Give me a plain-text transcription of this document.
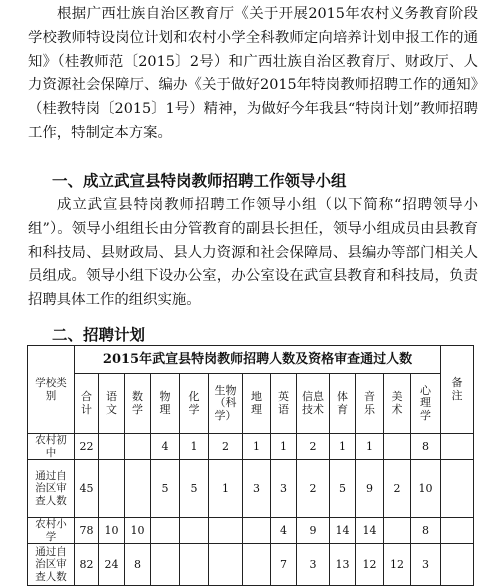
根据广西壮族自治区教育厅《关于开展2015年农村义务教育阶段学校教师特设岗位计划和农村小学全科教师定向培养计划申报工作的通知》（桂教师范〔2015〕2号）和广西壮族自治区教育厅、财政厅、人力资源社会保障厅、编办《关于做好2015年特岗教师招聘工作的通知》（桂教特岗〔2015〕1号）精神，为做好今年我县“特岗计划”教师招聘工作，特制定本方案。

一、成立武宣县特岗教师招聘工作领导小组

成立武宣县特岗教师招聘工作领导小组（以下简称“招聘领导小组”）。领导小组组长由分管教育的副县长担任，领导小组成员由县教育和科技局、县财政局、县人力资源和社会保障局、县编办等部门相关人员组成。领导小组下设办公室，办公室设在武宣县教育和科技局，负责招聘具体工作的组织实施。

二、招聘计划
学校类别	2015年武宣县特岗教师招聘人数及资格审查通过人数													备注
	合计	语文	数学	物理	化学	生物（科学）	地理	英语	信息技术	体育	音乐	美术	心理学	
农村初中	22			4	1	2	1	1	2	1	1		8	
通过自治区审查人数	45			5	5	1	3	3	2	5	9	2	10	
农村小学	78	10	10					4	9	14	14		8	
通过自治区审查人数	82	24	8					7	3	13	12	12	3	
